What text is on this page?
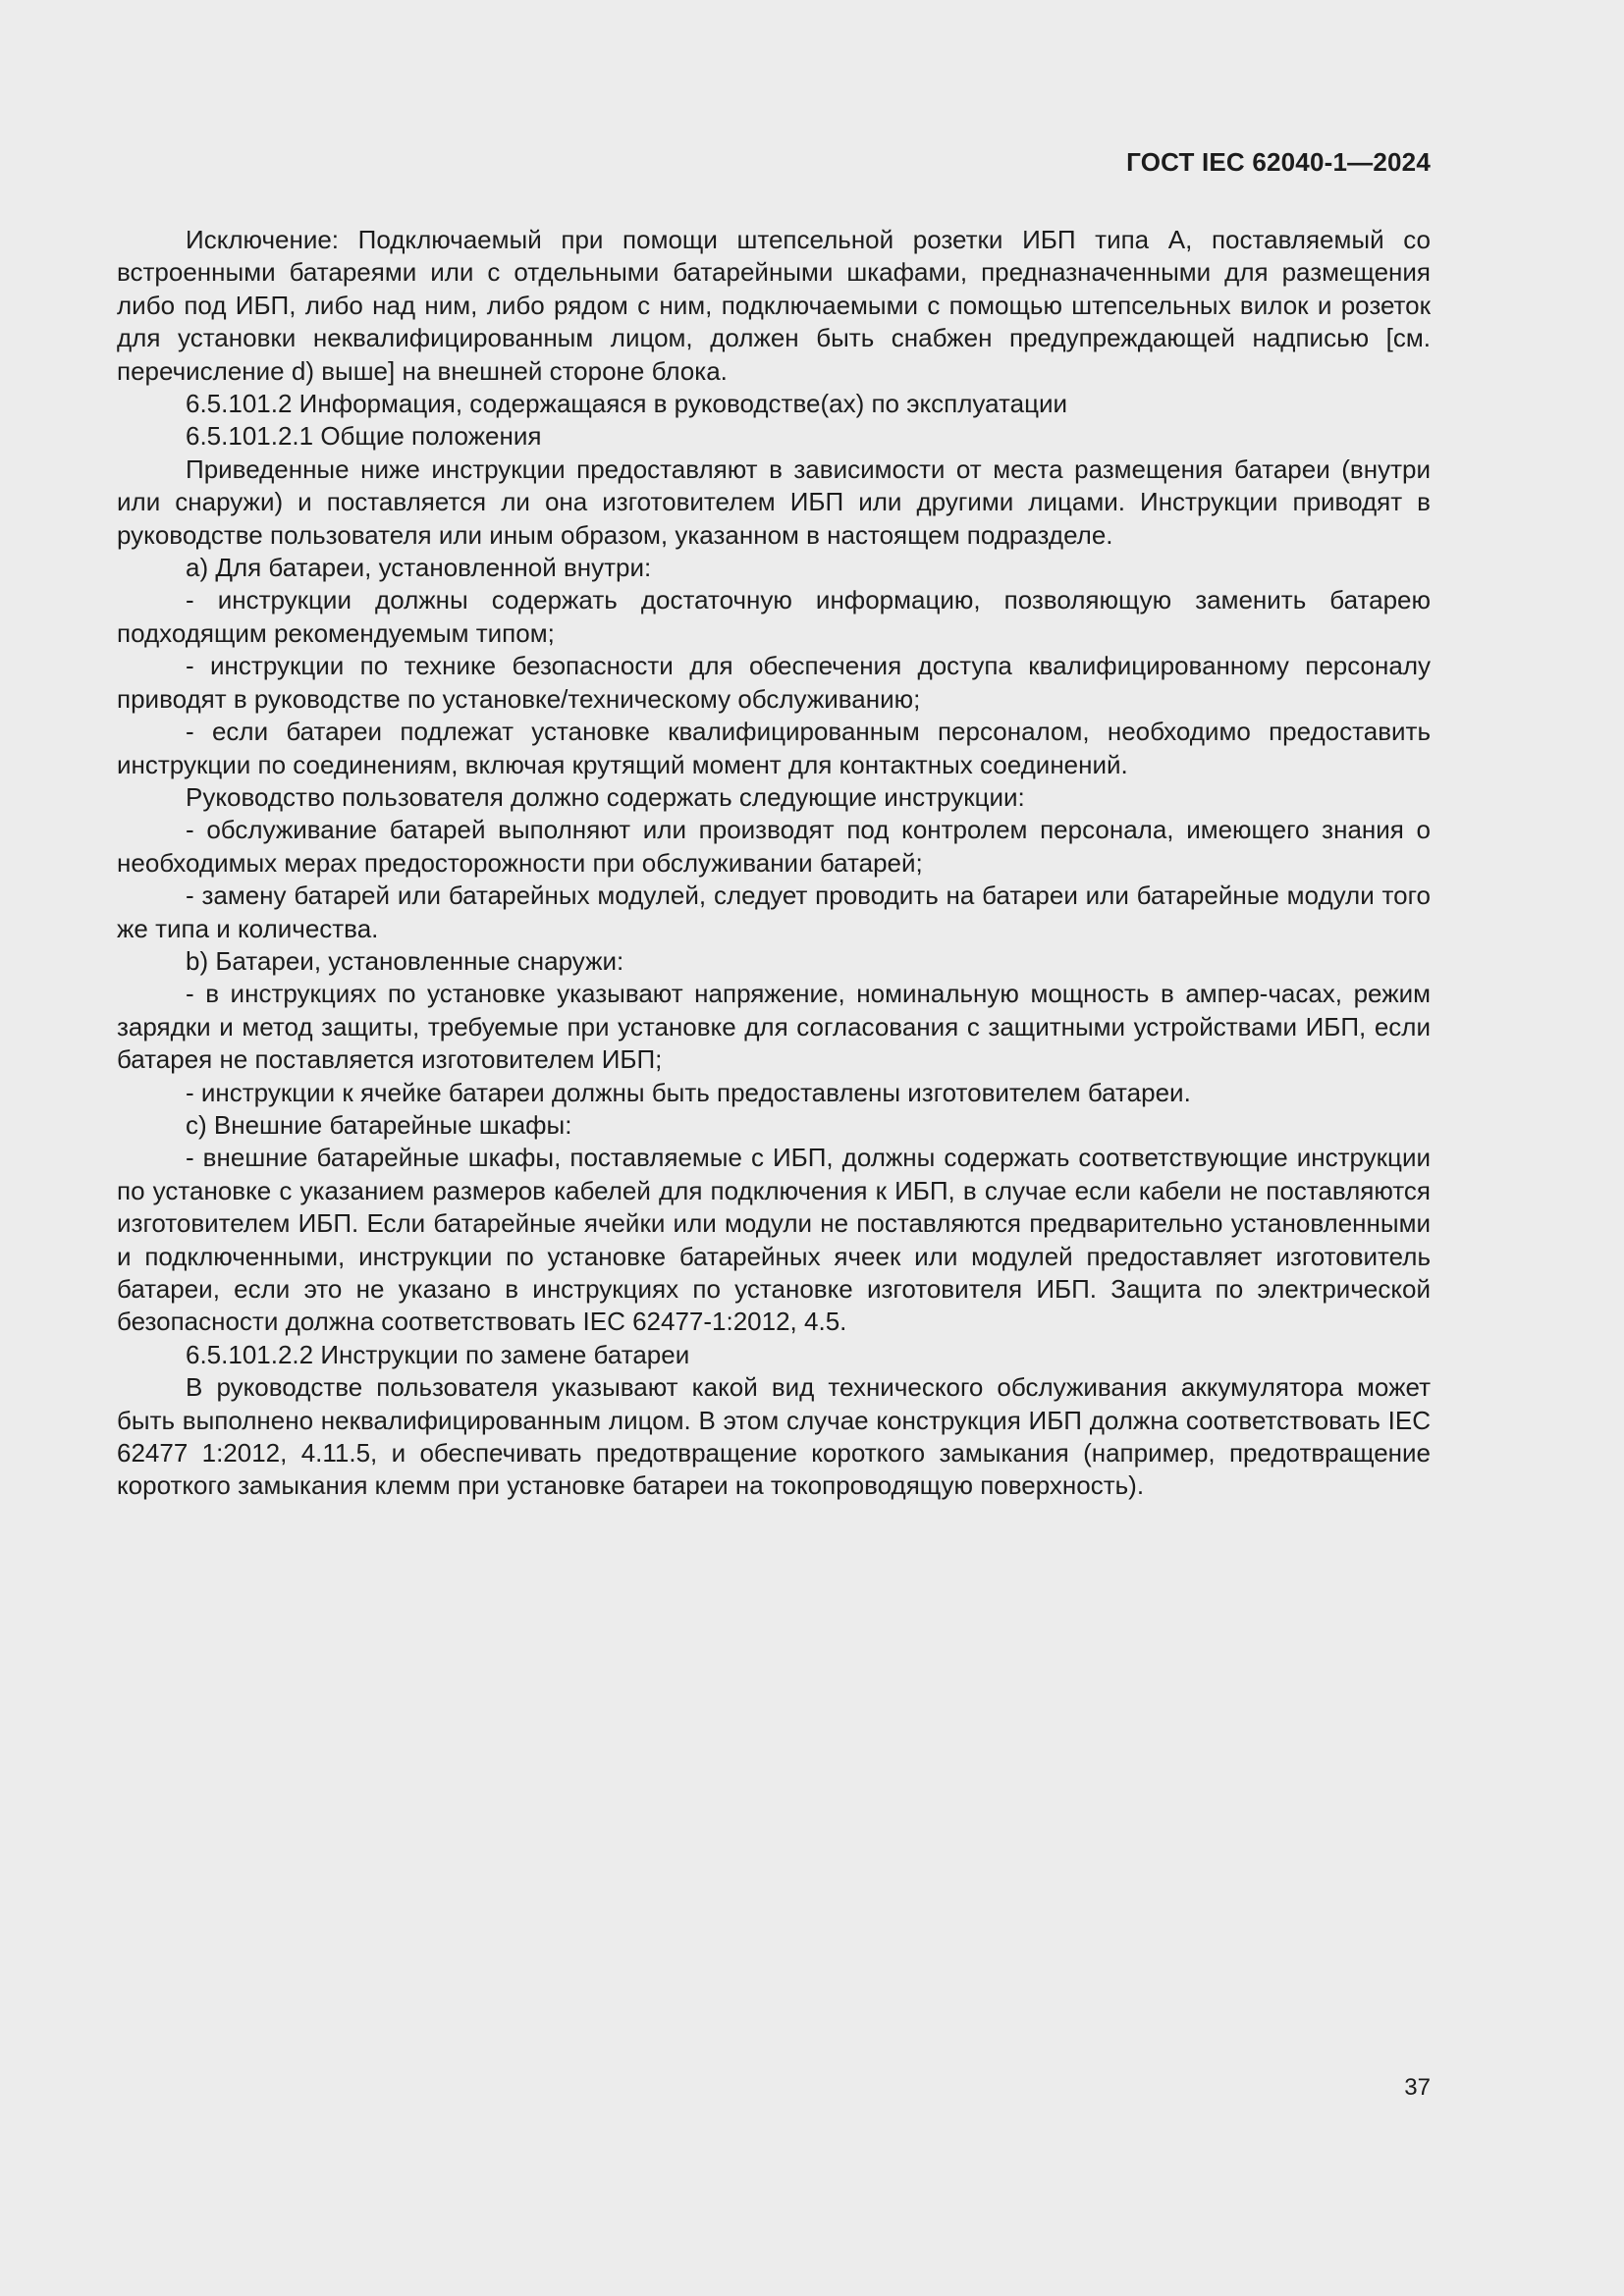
ГОСТ IEC 62040-1—2024

Исключение: Подключаемый при помощи штепсельной розетки ИБП типа А, поставляемый со встроенными батареями или с отдельными батарейными шкафами, предназначенными для размещения либо под ИБП, либо над ним, либо рядом с ним, подключаемыми с помощью штепсельных вилок и розеток для установки неквалифицированным лицом, должен быть снабжен предупреждающей надписью [см. перечисление d) выше] на внешней стороне блока.

6.5.101.2 Информация, содержащаяся в руководстве(ах) по эксплуатации

6.5.101.2.1 Общие положения

Приведенные ниже инструкции предоставляют в зависимости от места размещения батареи (внутри или снаружи) и поставляется ли она изготовителем ИБП или другими лицами. Инструкции приводят в руководстве пользователя или иным образом, указанном в настоящем подразделе.

a) Для батареи, установленной внутри:

- инструкции должны содержать достаточную информацию, позволяющую заменить батарею подходящим рекомендуемым типом;

- инструкции по технике безопасности для обеспечения доступа квалифицированному персоналу приводят в руководстве по установке/техническому обслуживанию;

- если батареи подлежат установке квалифицированным персоналом, необходимо предоставить инструкции по соединениям, включая крутящий момент для контактных соединений.

Руководство пользователя должно содержать следующие инструкции:

- обслуживание батарей выполняют или производят под контролем персонала, имеющего знания о необходимых мерах предосторожности при обслуживании батарей;

- замену батарей или батарейных модулей, следует проводить на батареи или батарейные модули того же типа и количества.

b) Батареи, установленные снаружи:

- в инструкциях по установке указывают напряжение, номинальную мощность в ампер-часах, режим зарядки и метод защиты, требуемые при установке для согласования с защитными устройствами ИБП, если батарея не поставляется изготовителем ИБП;

- инструкции к ячейке батареи должны быть предоставлены изготовителем батареи.

c) Внешние батарейные шкафы:

- внешние батарейные шкафы, поставляемые с ИБП, должны содержать соответствующие инструкции по установке с указанием размеров кабелей для подключения к ИБП, в случае если кабели не поставляются изготовителем ИБП. Если батарейные ячейки или модули не поставляются предварительно установленными и подключенными, инструкции по установке батарейных ячеек или модулей предоставляет изготовитель батареи, если это не указано в инструкциях по установке изготовителя ИБП. Защита по электрической безопасности должна соответствовать IEC 62477-1:2012, 4.5.

6.5.101.2.2 Инструкции по замене батареи

В руководстве пользователя указывают какой вид технического обслуживания аккумулятора может быть выполнено неквалифицированным лицом. В этом случае конструкция ИБП должна соответствовать IEC 62477 1:2012, 4.11.5, и обеспечивать предотвращение короткого замыкания (например, предотвращение короткого замыкания клемм при установке батареи на токопроводящую поверхность).

37
